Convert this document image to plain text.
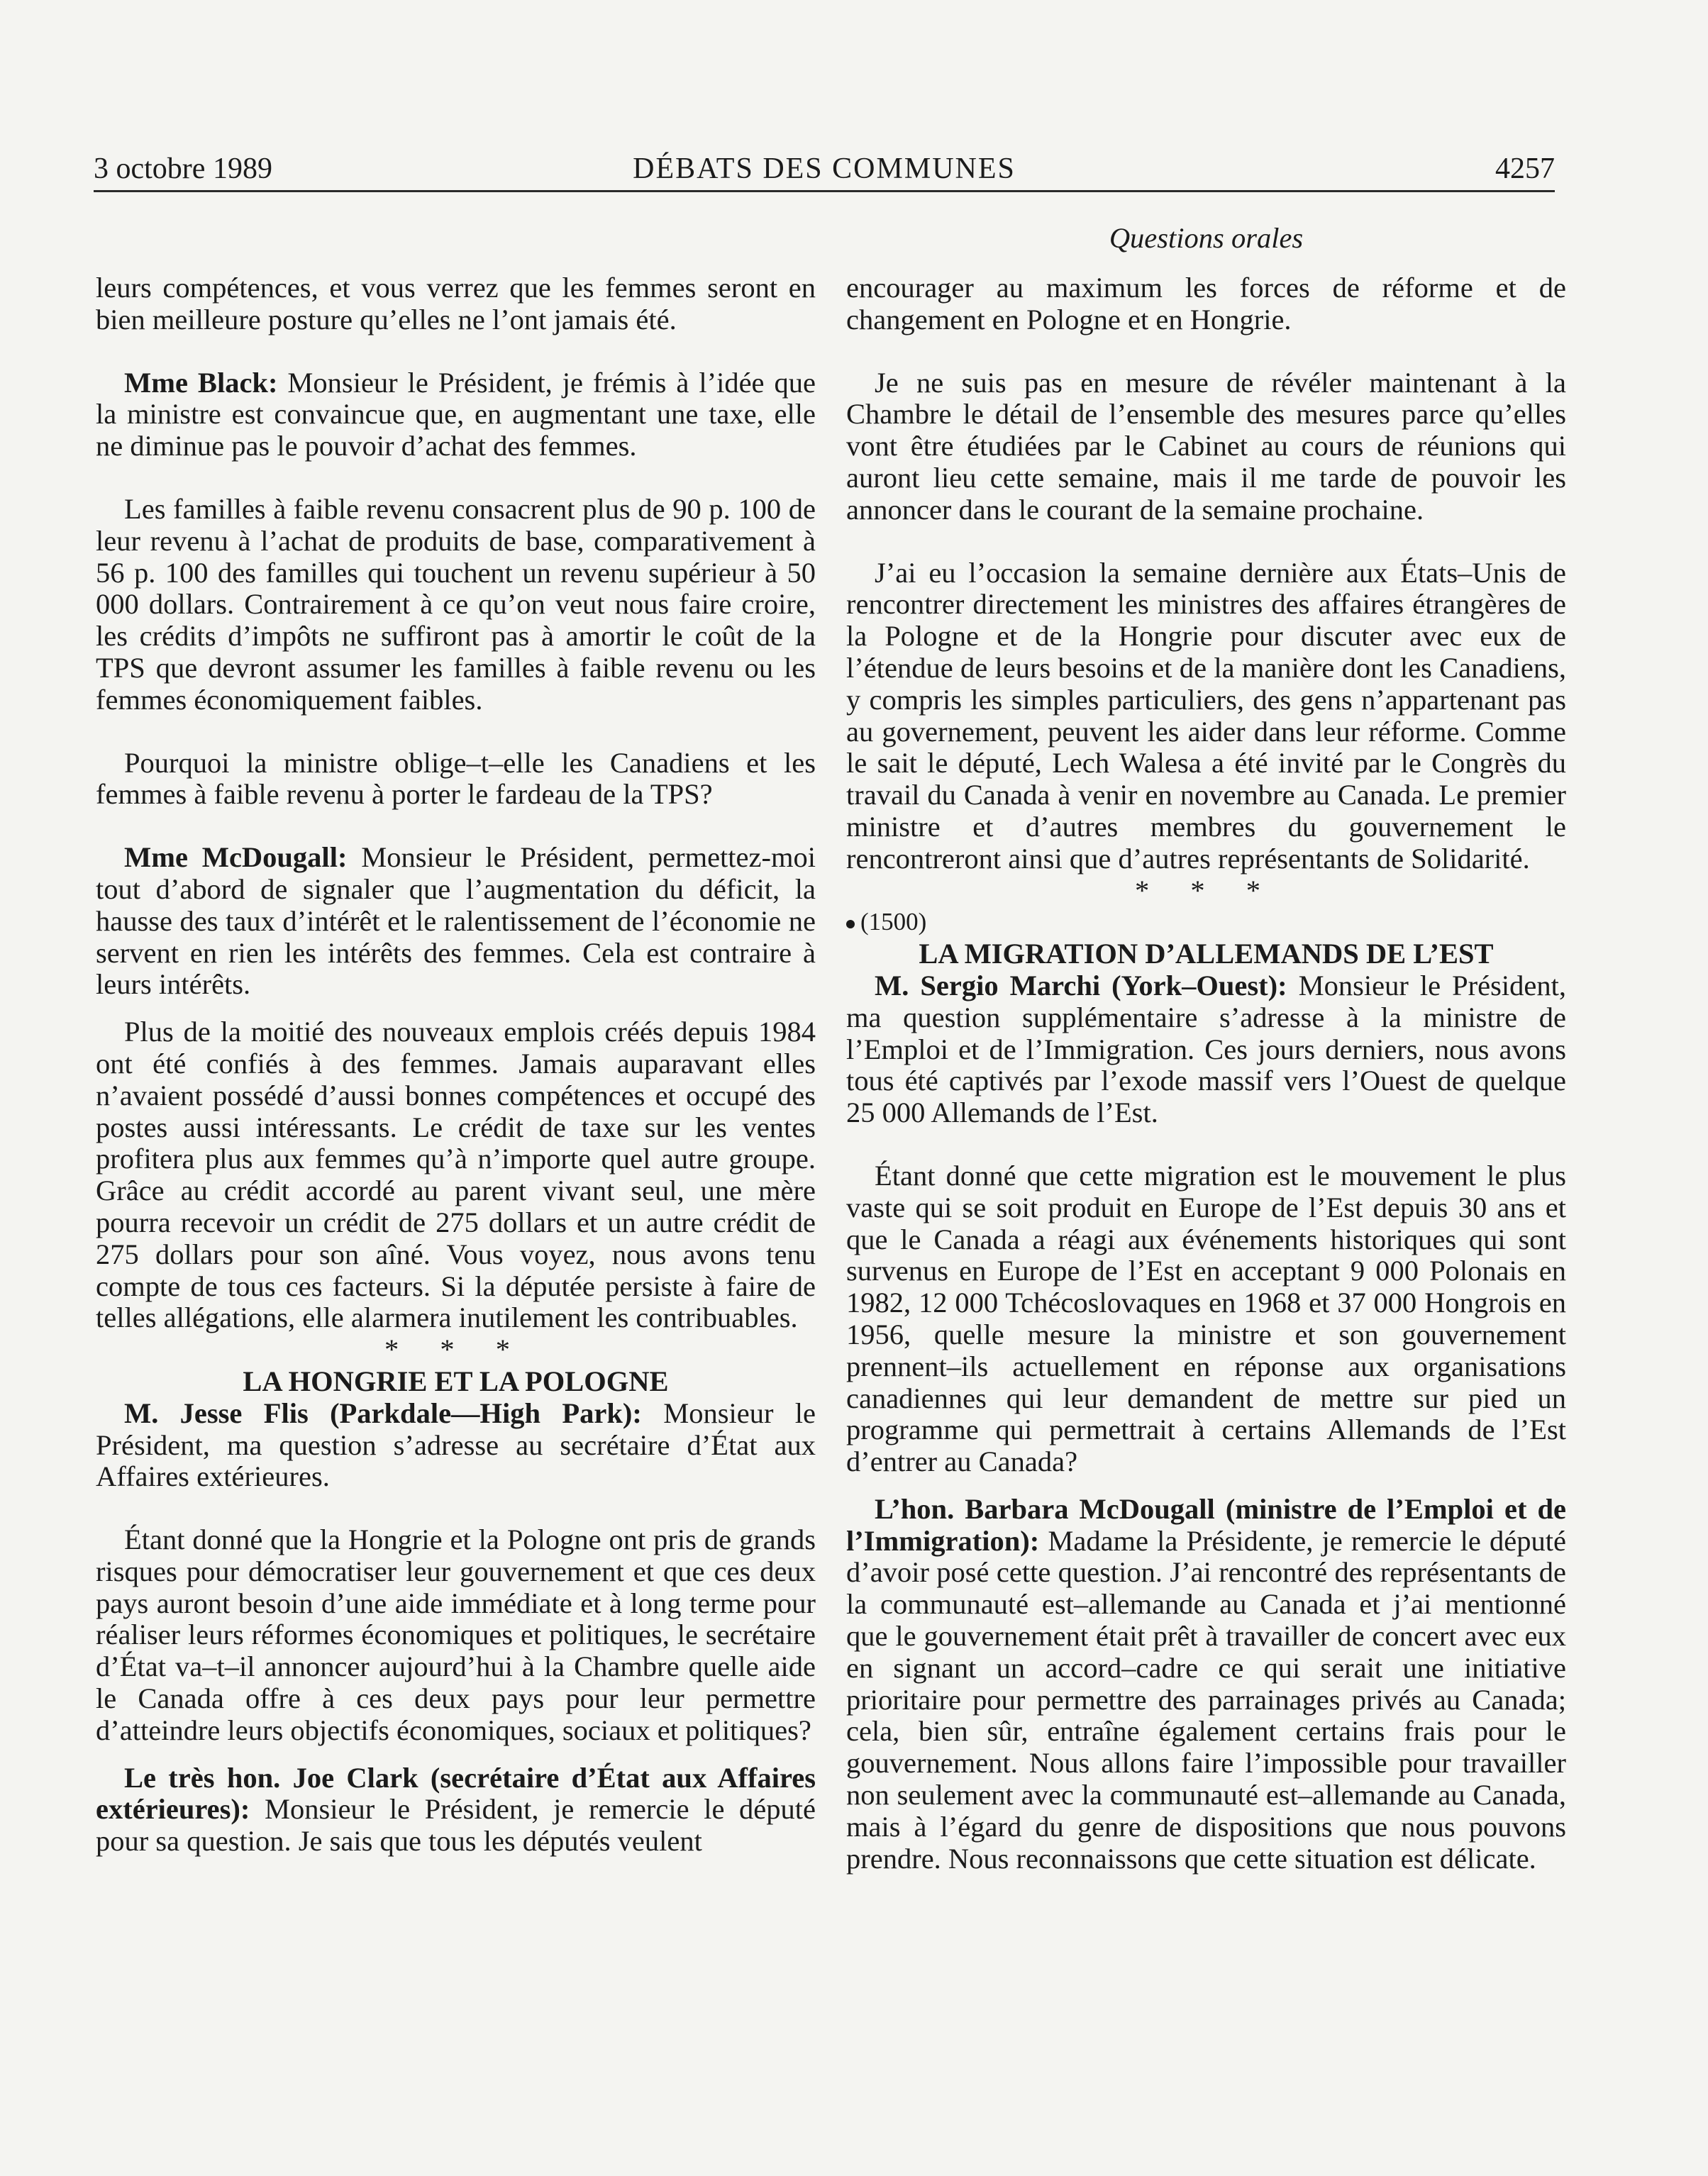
3 octobre 1989	DÉBATS DES COMMUNES	4257
Questions orales

leurs compétences, et vous verrez que les femmes seront en bien meilleure posture qu’elles ne l’ont jamais été.

Mme Black: Monsieur le Président, je frémis à l’idée que la ministre est convaincue que, en augmentant une taxe, elle ne diminue pas le pouvoir d’achat des femmes.

Les familles à faible revenu consacrent plus de 90 p. 100 de leur revenu à l’achat de produits de base, comparativement à 56 p. 100 des familles qui touchent un revenu supérieur à 50 000 dollars. Contrairement à ce qu’on veut nous faire croire, les crédits d’impôts ne suffiront pas à amortir le coût de la TPS que devront assumer les familles à faible revenu ou les femmes économiquement faibles.

Pourquoi la ministre oblige–t–elle les Canadiens et les femmes à faible revenu à porter le fardeau de la TPS?

Mme McDougall: Monsieur le Président, permettez-moi tout d’abord de signaler que l’augmentation du déficit, la hausse des taux d’intérêt et le ralentissement de l’économie ne servent en rien les intérêts des femmes. Cela est contraire à leurs intérêts.

Plus de la moitié des nouveaux emplois créés depuis 1984 ont été confiés à des femmes. Jamais auparavant elles n’avaient possédé d’aussi bonnes compétences et occupé des postes aussi intéressants. Le crédit de taxe sur les ventes profitera plus aux femmes qu’à n’importe quel autre groupe. Grâce au crédit accordé au parent vivant seul, une mère pourra recevoir un crédit de 275 dollars et un autre crédit de 275 dollars pour son aîné. Vous voyez, nous avons tenu compte de tous ces facteurs. Si la députée persiste à faire de telles allégations, elle alarmera inutilement les contribuables.

* * *

LA HONGRIE ET LA POLOGNE

M. Jesse Flis (Parkdale—High Park): Monsieur le Président, ma question s’adresse au secrétaire d’État aux Affaires extérieures.

Étant donné que la Hongrie et la Pologne ont pris de grands risques pour démocratiser leur gouvernement et que ces deux pays auront besoin d’une aide immédiate et à long terme pour réaliser leurs réformes économiques et politiques, le secrétaire d’État va–t–il annoncer aujourd’hui à la Chambre quelle aide le Canada offre à ces deux pays pour leur permettre d’atteindre leurs objectifs économiques, sociaux et politiques?

Le très hon. Joe Clark (secrétaire d’État aux Affaires extérieures): Monsieur le Président, je remercie le député pour sa question. Je sais que tous les députés veulent

encourager au maximum les forces de réforme et de changement en Pologne et en Hongrie.

Je ne suis pas en mesure de révéler maintenant à la Chambre le détail de l’ensemble des mesures parce qu’elles vont être étudiées par le Cabinet au cours de réunions qui auront lieu cette semaine, mais il me tarde de pouvoir les annoncer dans le courant de la semaine prochaine.

J’ai eu l’occasion la semaine dernière aux États–Unis de rencontrer directement les ministres des affaires étrangères de la Pologne et de la Hongrie pour discuter avec eux de l’étendue de leurs besoins et de la manière dont les Canadiens, y compris les simples particuliers, des gens n’appartenant pas au governement, peuvent les aider dans leur réforme. Comme le sait le député, Lech Walesa a été invité par le Congrès du travail du Canada à venir en novembre au Canada. Le premier ministre et d’autres membres du gouvernement le rencontreront ainsi que d’autres représentants de Solidarité.

* * *

(1500)

LA MIGRATION D’ALLEMANDS DE L’EST

M. Sergio Marchi (York–Ouest): Monsieur le Président, ma question supplémentaire s’adresse à la ministre de l’Emploi et de l’Immigration. Ces jours derniers, nous avons tous été captivés par l’exode massif vers l’Ouest de quelque 25 000 Allemands de l’Est.

Étant donné que cette migration est le mouvement le plus vaste qui se soit produit en Europe de l’Est depuis 30 ans et que le Canada a réagi aux événements historiques qui sont survenus en Europe de l’Est en acceptant 9 000 Polonais en 1982, 12 000 Tchécoslovaques en 1968 et 37 000 Hongrois en 1956, quelle mesure la ministre et son gouvernement prennent–ils actuellement en réponse aux organisations canadiennes qui leur demandent de mettre sur pied un programme qui permettrait à certains Allemands de l’Est d’entrer au Canada?

L’hon. Barbara McDougall (ministre de l’Emploi et de l’Immigration): Madame la Présidente, je remercie le député d’avoir posé cette question. J’ai rencontré des représentants de la communauté est–allemande au Canada et j’ai mentionné que le gouvernement était prêt à travailler de concert avec eux en signant un accord–cadre ce qui serait une initiative prioritaire pour permettre des parrainages privés au Canada; cela, bien sûr, entraîne également certains frais pour le gouvernement. Nous allons faire l’impossible pour travailler non seulement avec la communauté est–allemande au Canada, mais à l’égard du genre de dispositions que nous pouvons prendre. Nous reconnaissons que cette situation est délicate.
